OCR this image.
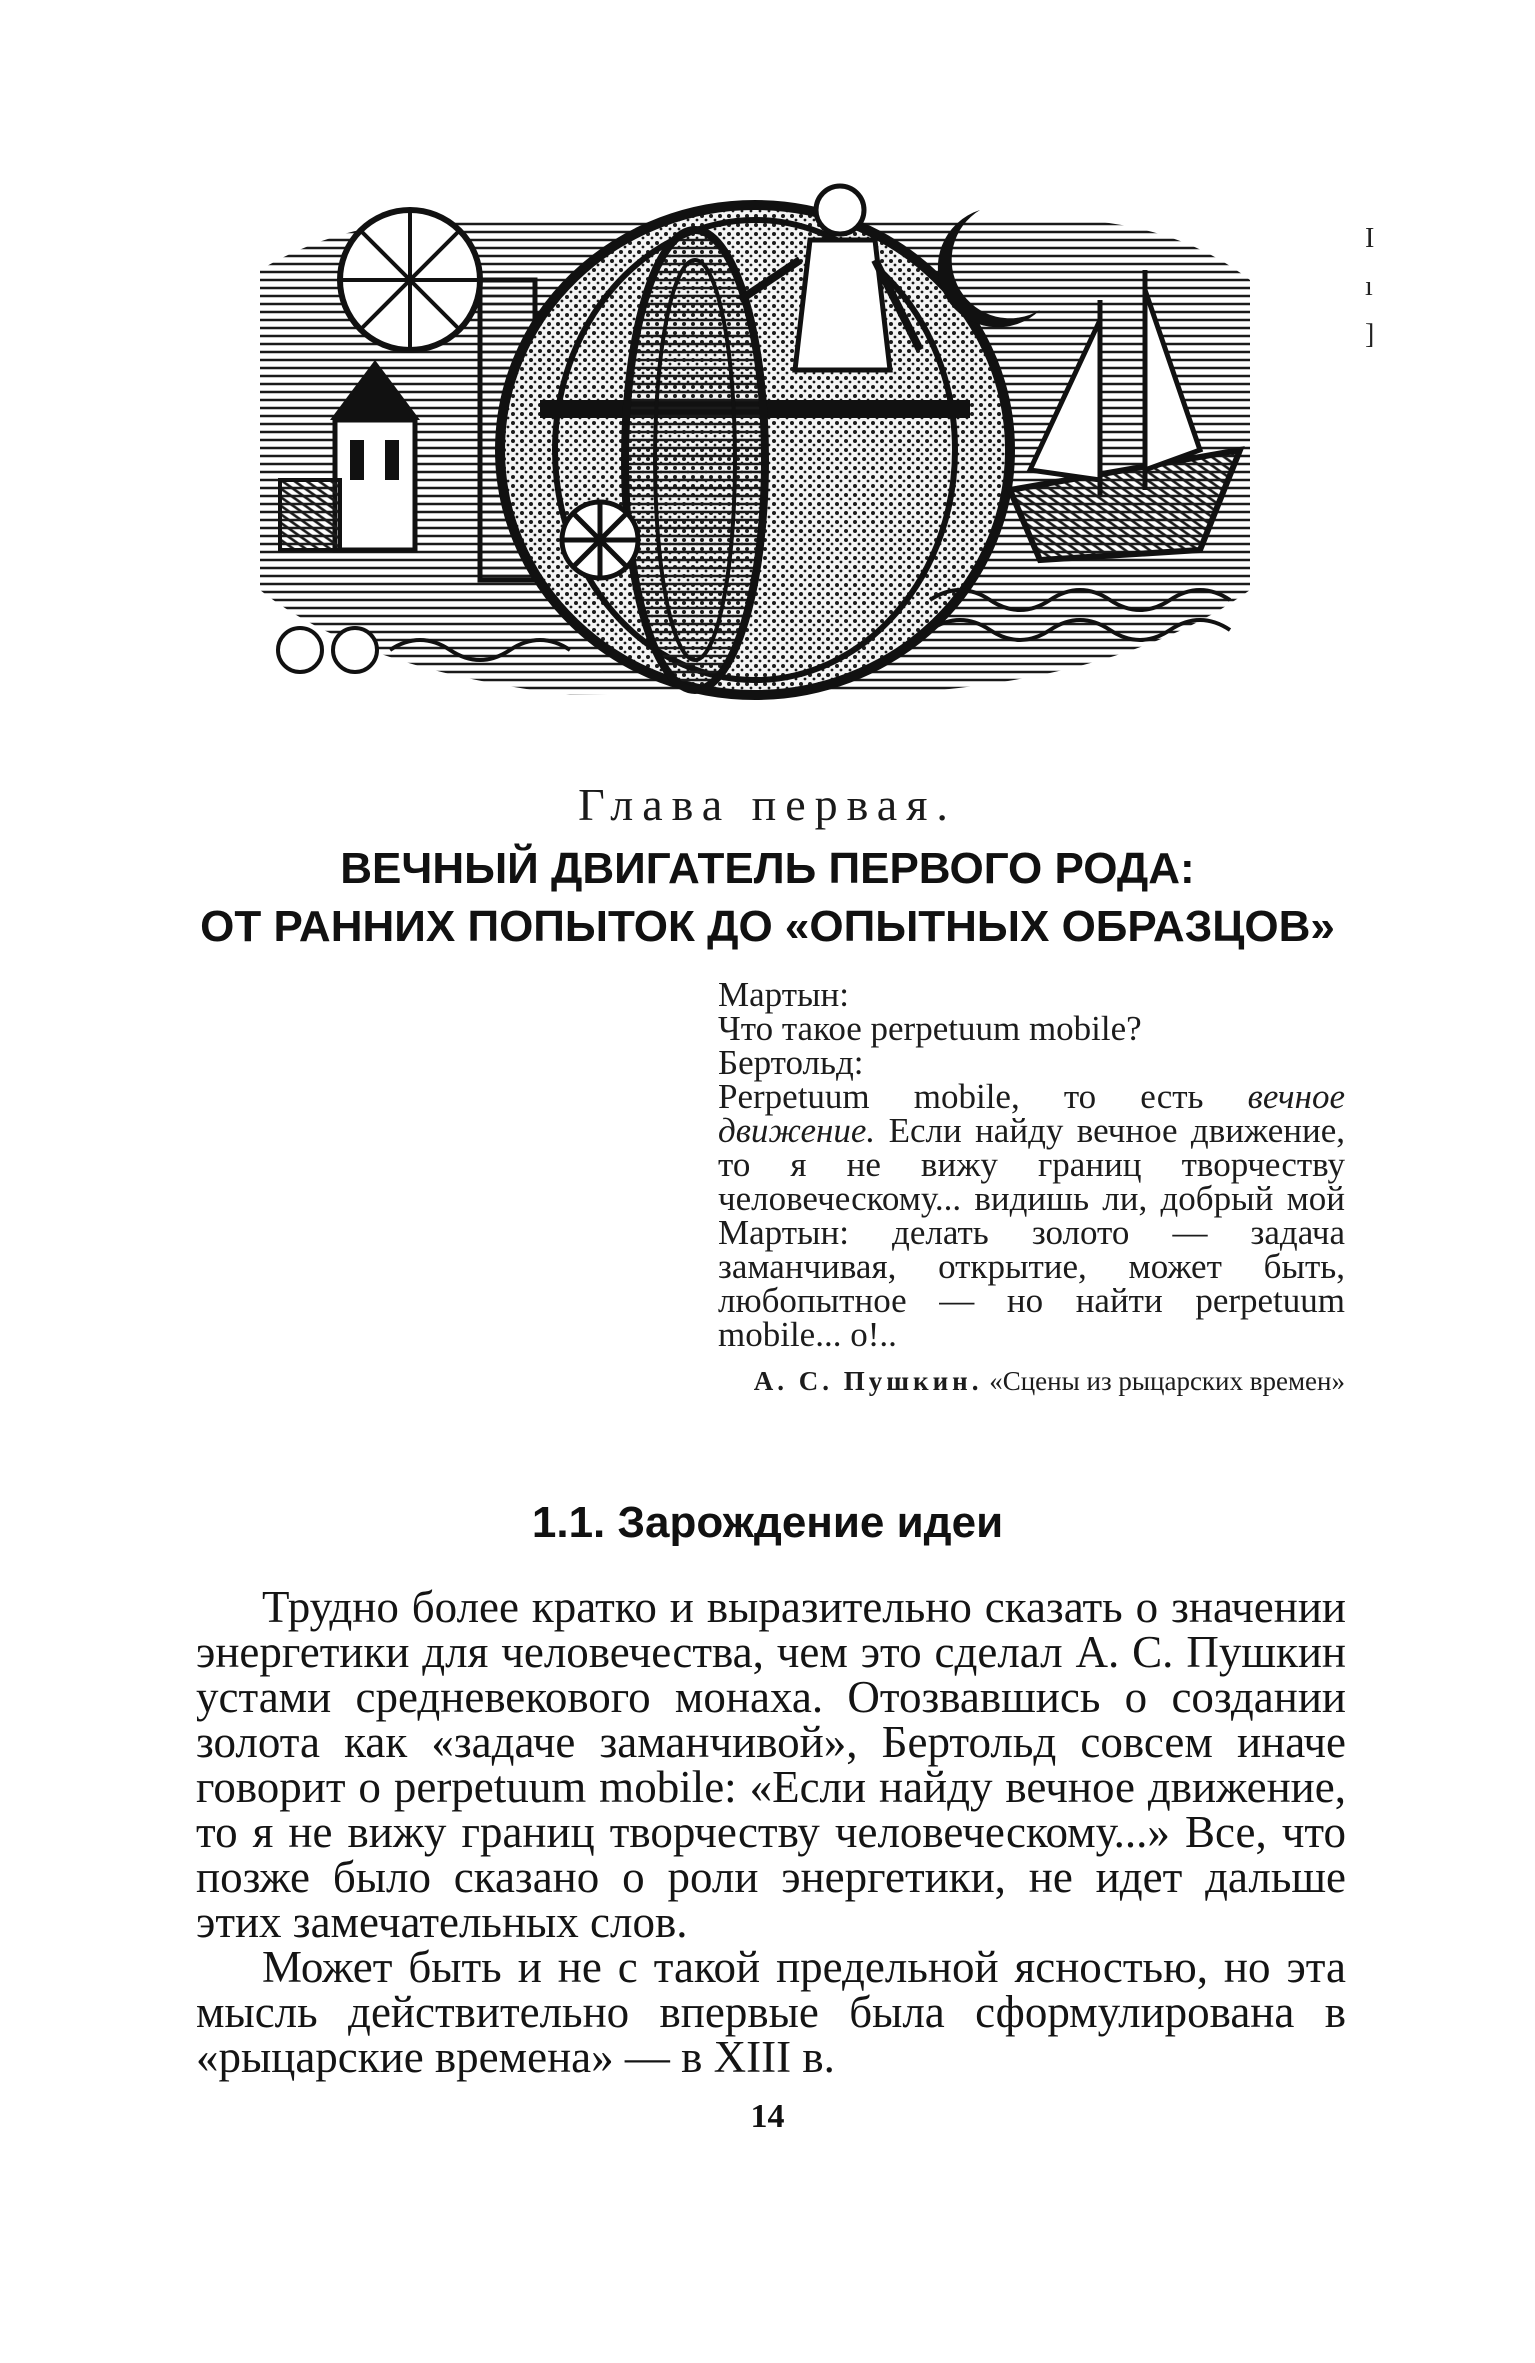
I
ı
]
Глава первая.
ВЕЧНЫЙ ДВИГАТЕЛЬ ПЕРВОГО РОДА:
ОТ РАННИХ ПОПЫТОК ДО «ОПЫТНЫХ ОБРАЗЦОВ»

Мартын:

Что такое perpetuum mobile?

Бертольд:

Perpetuum mobile, то есть вечное движение. Если найду вечное движение, то я не вижу границ творчеству человеческому... видишь ли, добрый мой Мартын: делать золото — задача заманчивая, открытие, может быть, любопытное — но найти perpetuum mobile... о!..

А. С. Пушкин. «Сцены из рыцарских времен»
1.1. Зарождение идеи

Трудно более кратко и выразительно сказать о значении энергетики для человечества, чем это сделал А. С. Пушкин устами средневекового монаха. Отозвавшись о создании золота как «задаче заманчивой», Бертольд совсем иначе говорит о perpetuum mobile: «Если найду вечное движение, то я не вижу границ творчеству человеческому...» Все, что позже было сказано о роли энергетики, не идет дальше этих замечательных слов.

Может быть и не с такой предельной ясностью, но эта мысль действительно впервые была сформулирована в «рыцарские времена» — в XIII в.

14
